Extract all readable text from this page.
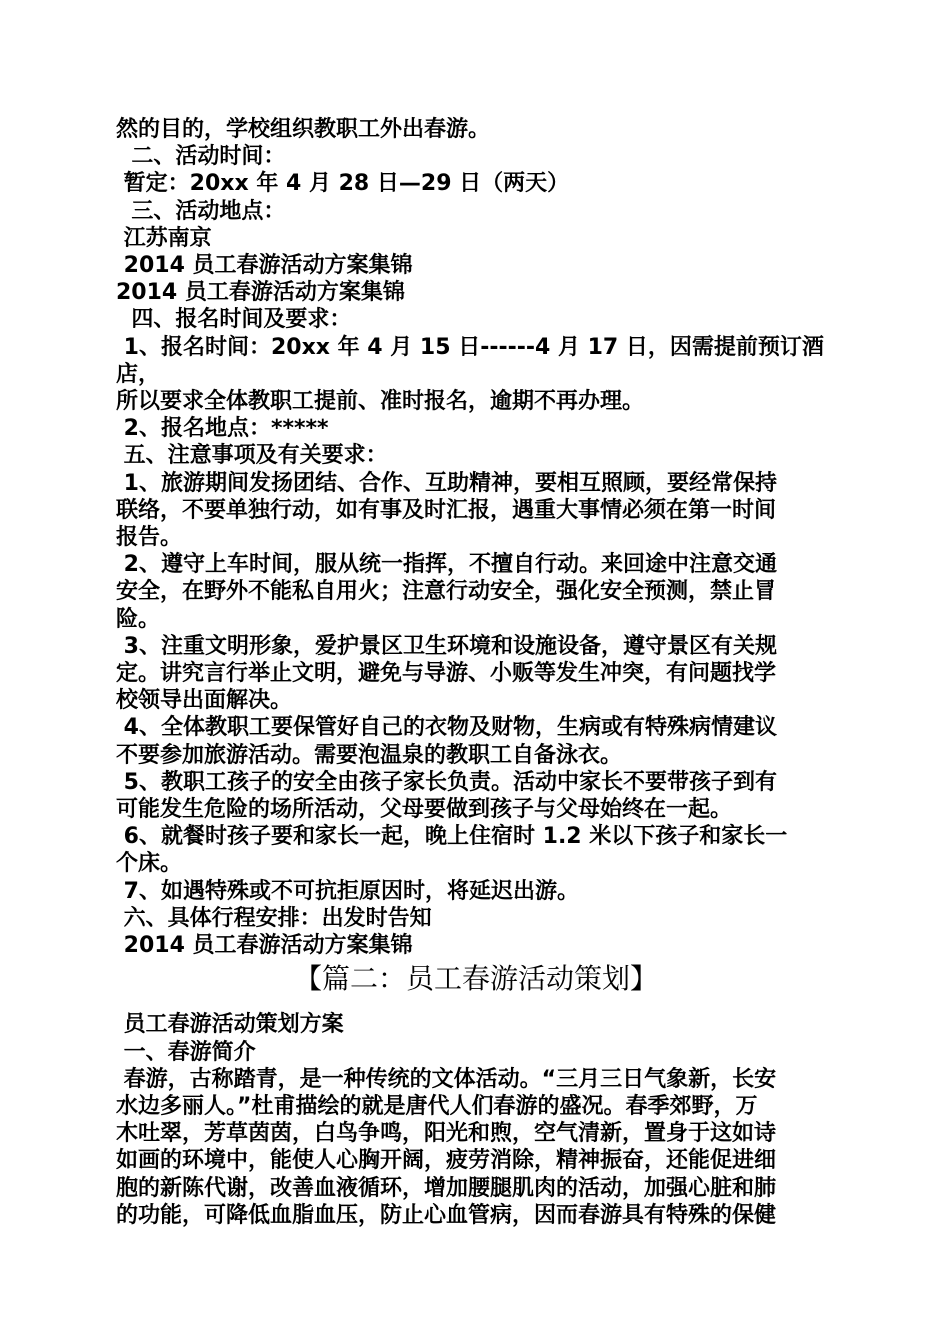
然的目的，学校组织教职工外出春游。

二、活动时间：

暂定：20xx 年 4 月 28 日—29 日（两天）

三、活动地点：

江苏南京

2014 员工春游活动方案集锦

2014 员工春游活动方案集锦

四、报名时间及要求：

1、报名时间：20xx 年 4 月 15 日------4 月 17 日，因需提前预订酒店，

所以要求全体教职工提前、准时报名，逾期不再办理。

2、报名地点：*****

五、注意事项及有关要求：

1、旅游期间发扬团结、合作、互助精神，要相互照顾，要经常保持

联络，不要单独行动，如有事及时汇报，遇重大事情必须在第一时间

报告。

2、遵守上车时间，服从统一指挥，不擅自行动。来回途中注意交通

安全，在野外不能私自用火；注意行动安全，强化安全预测，禁止冒

险。

3、注重文明形象，爱护景区卫生环境和设施设备，遵守景区有关规

定。讲究言行举止文明，避免与导游、小贩等发生冲突，有问题找学

校领导出面解决。

4、全体教职工要保管好自己的衣物及财物，生病或有特殊病情建议

不要参加旅游活动。需要泡温泉的教职工自备泳衣。

5、教职工孩子的安全由孩子家长负责。活动中家长不要带孩子到有

可能发生危险的场所活动，父母要做到孩子与父母始终在一起。

6、就餐时孩子要和家长一起，晚上住宿时 1.2 米以下孩子和家长一

个床。

7、如遇特殊或不可抗拒原因时，将延迟出游。

六、具体行程安排：出发时告知

2014 员工春游活动方案集锦

【篇二：员工春游活动策划】

员工春游活动策划方案

一、春游简介

春游，古称踏青，是一种传统的文体活动。“三月三日气象新，长安

水边多丽人。”杜甫描绘的就是唐代人们春游的盛况。春季郊野，万

木吐翠，芳草茵茵，白鸟争鸣，阳光和煦，空气清新，置身于这如诗

如画的环境中，能使人心胸开阔，疲劳消除，精神振奋，还能促进细

胞的新陈代谢，改善血液循环，增加腰腿肌肉的活动，加强心脏和肺

的功能，可降低血脂血压，防止心血管病，因而春游具有特殊的保健
